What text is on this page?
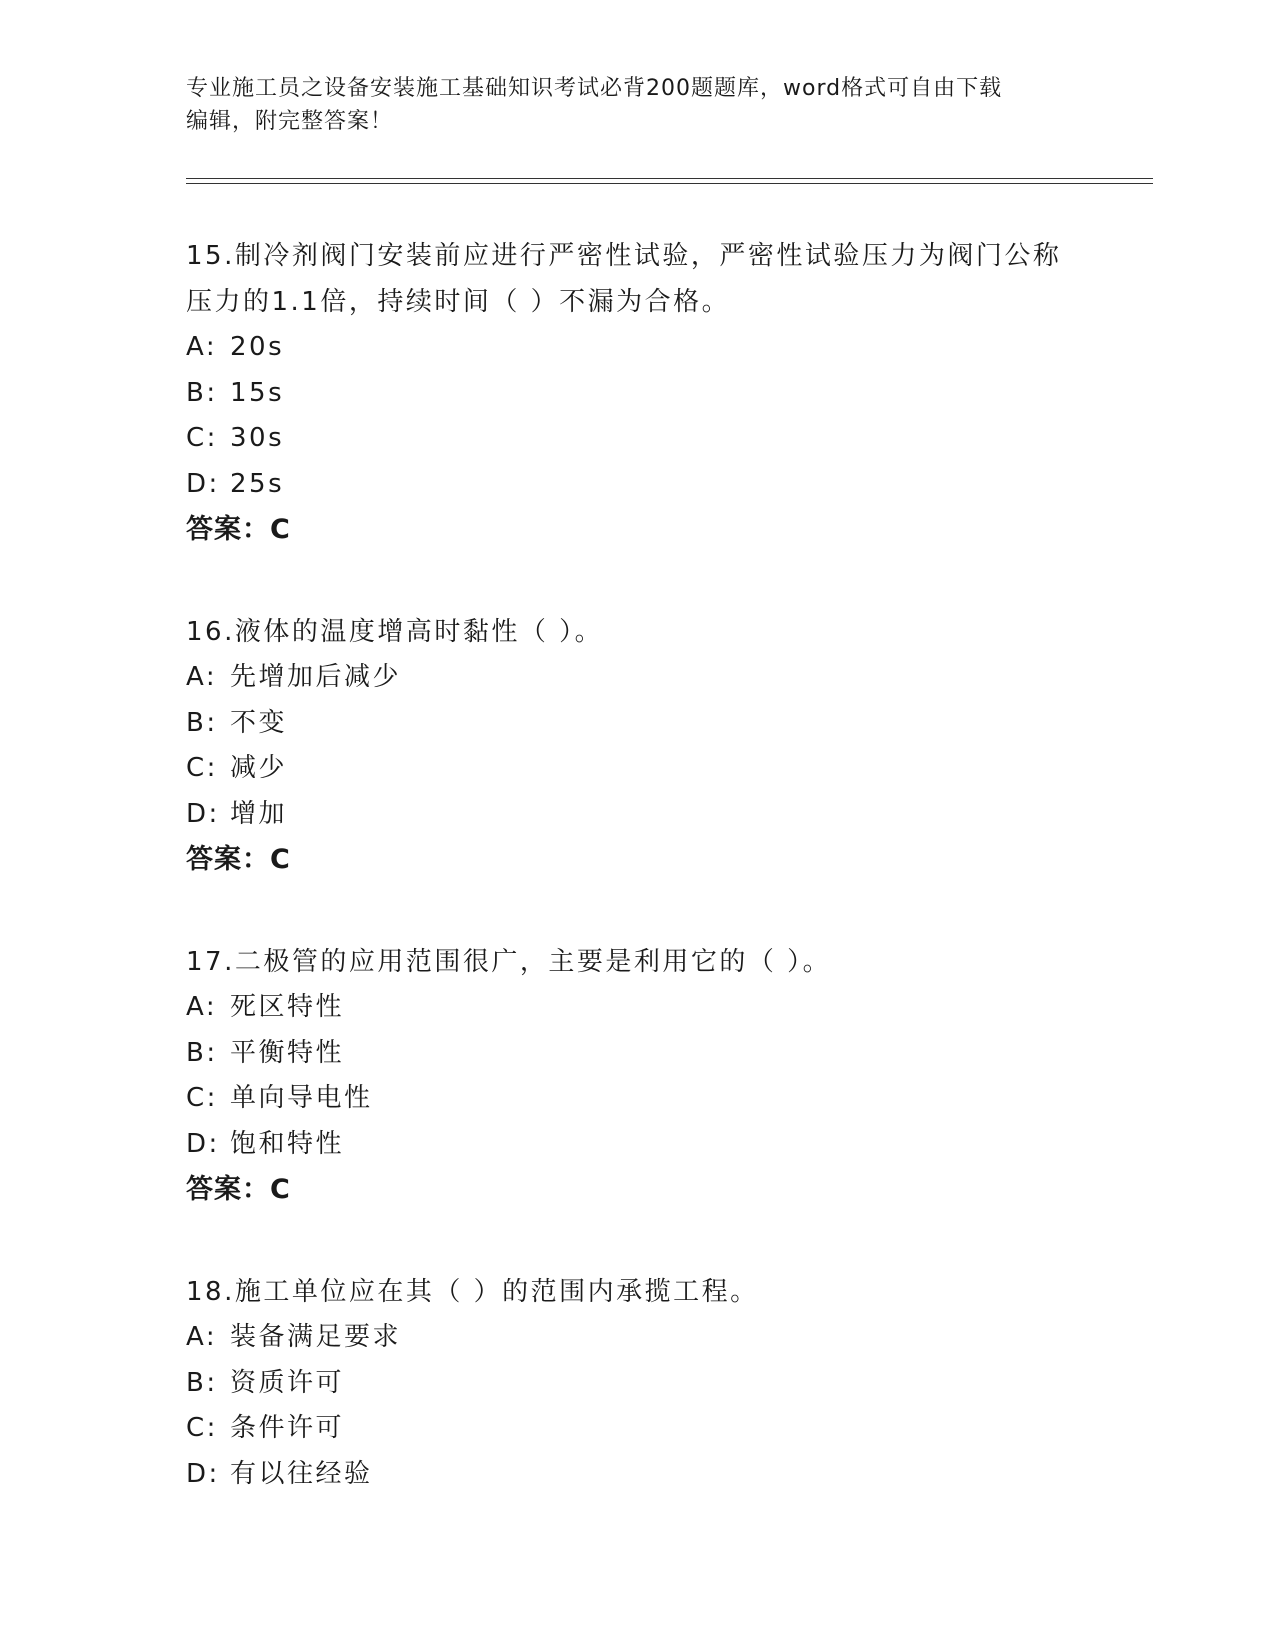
专业施工员之设备安装施工基础知识考试必背200题题库，word格式可自由下载
编辑，附完整答案！
15.制冷剂阀门安装前应进行严密性试验，严密性试验压力为阀门公称
压力的1.1倍，持续时间（ ）不漏为合格。
A: 20s
B: 15s
C: 30s
D: 25s
答案：C
16.液体的温度增高时黏性（ ）。
A: 先增加后减少
B: 不变
C: 减少
D: 增加
答案：C
17.二极管的应用范围很广，主要是利用它的（ ）。
A: 死区特性
B: 平衡特性
C: 单向导电性
D: 饱和特性
答案：C
18.施工单位应在其（ ）的范围内承揽工程。
A: 装备满足要求
B: 资质许可
C: 条件许可
D: 有以往经验
